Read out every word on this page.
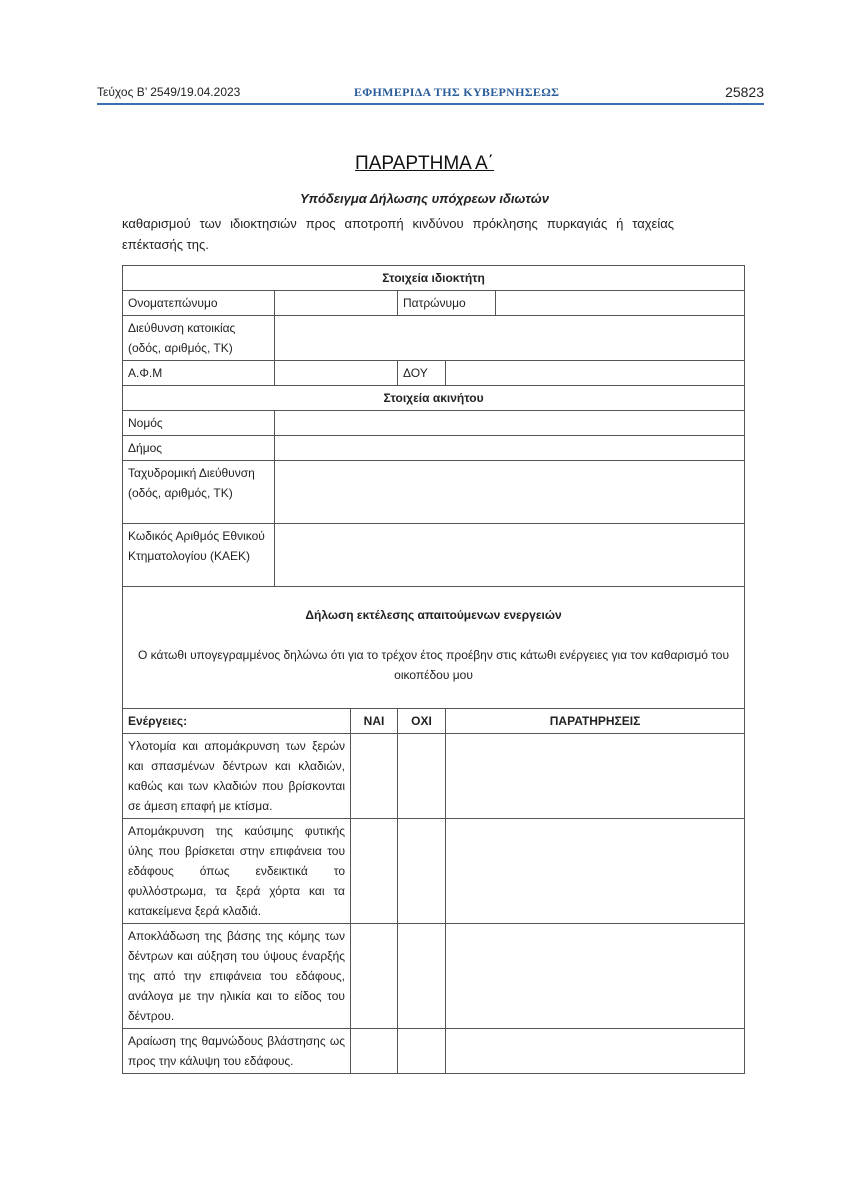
Τεύχος Β’ 2549/19.04.2023	ΕΦΗΜΕΡΙΔΑ ΤΗΣ ΚΥΒΕΡΝΗΣΕΩΣ	25823
ΠΑΡΑΡΤΗΜΑ Α΄
Υπόδειγμα Δήλωσης υπόχρεων ιδιωτών
καθαρισμού των ιδιοκτησιών προς αποτροπή κινδύνου πρόκλησης πυρκαγιάς ή ταχείας επέκτασής της.
Στοιχεία ιδιοκτήτη					
Ονοματεπώνυμο			Πατρώνυμο		
Διεύθυνση κατοικίας (οδός, αριθμός, ΤΚ)					
Α.Φ.Μ			ΔΟΥ		
Στοιχεία ακινήτου					
Νομός					
Δήμος					
Ταχυδρομική Διεύθυνση (οδός, αριθμός, ΤΚ)					
Κωδικός Αριθμός Εθνικού Κτηματολογίου (ΚΑΕΚ)					

Δήλωση εκτέλεσης απαιτούμενων ενεργειών
Ο κάτωθι υπογεγραμμένος δηλώνω ότι για το τρέχον έτος προέβην στις κάτωθι ενέργειες για τον καθαρισμό του οικοπέδου μου					

Ενέργειες:		ΝΑΙ	ΟΧΙ	ΠΑΡΑΤΗΡΗΣΕΙΣ	
Υλοτομία και απομάκρυνση των ξερών και σπασμένων δέντρων και κλαδιών, καθώς και των κλαδιών που βρίσκονται σε άμεση επαφή με κτίσμα.					
Απομάκρυνση της καύσιμης φυτικής ύλης που βρίσκεται στην επιφάνεια του εδάφους όπως ενδεικτικά το φυλλόστρωμα, τα ξερά χόρτα και τα κατακείμενα ξερά κλαδιά.					
Αποκλάδωση της βάσης της κόμης των δέντρων και αύξηση του ύψους έναρξής της από την επιφάνεια του εδάφους, ανάλογα με την ηλικία και το είδος του δέντρου.					
Αραίωση της θαμνώδους βλάστησης ως προς την κάλυψη του εδάφους.					
